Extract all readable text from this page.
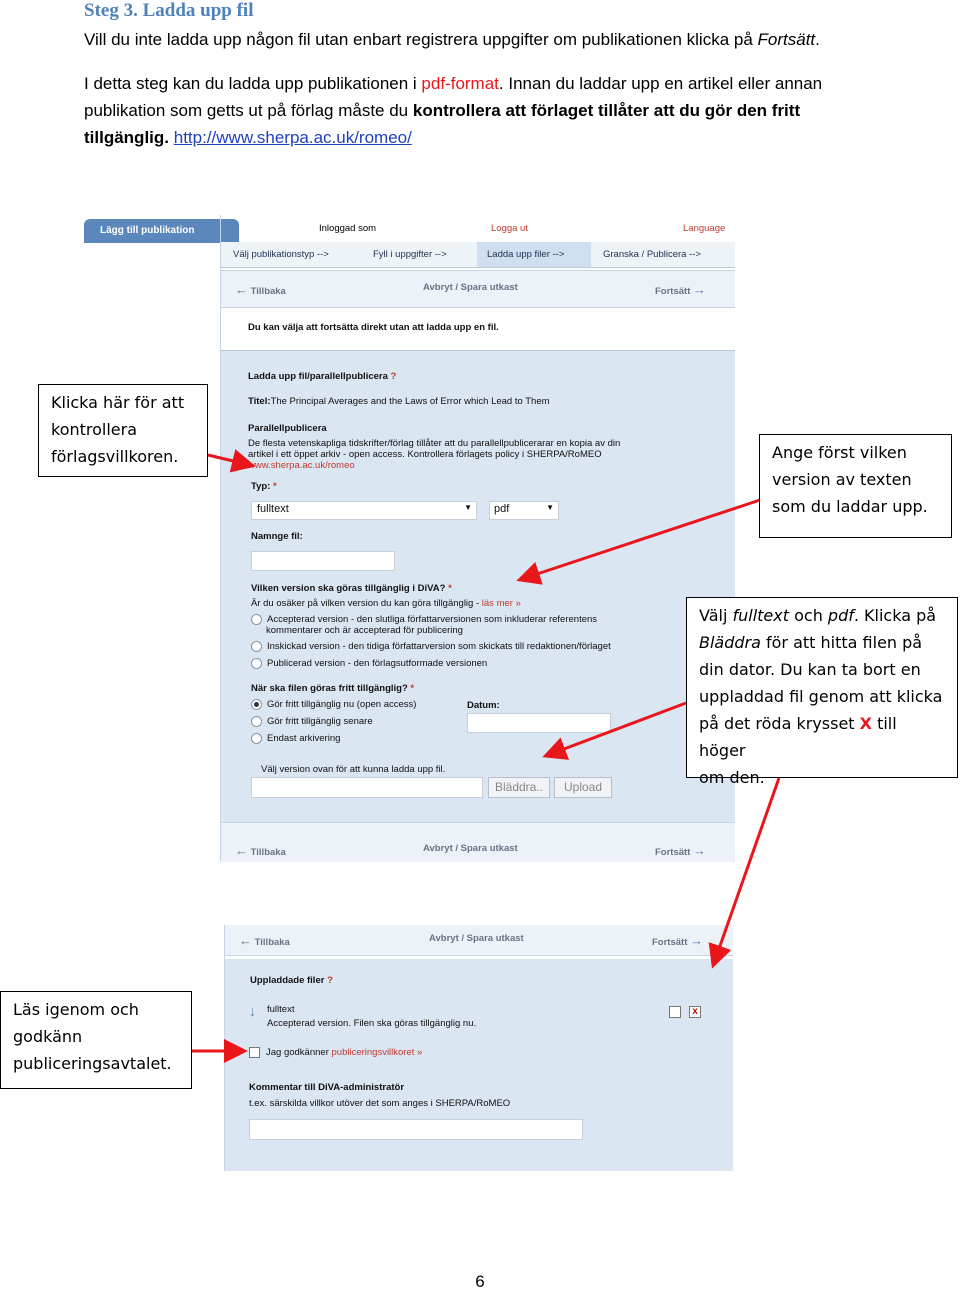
Steg 3. Ladda upp fil
Vill du inte ladda upp någon fil utan enbart registrera uppgifter om publikationen klicka på Fortsätt.
I detta steg kan du ladda upp publikationen i pdf-format. Innan du laddar upp en artikel eller annan
publikation som getts ut på förlag måste du kontrollera att förlaget tillåter att du gör den fritt
tillgänglig. http://www.sherpa.ac.uk/romeo/
Lägg till publikation	Inloggad som	Logga ut	Language
Välj publikationstyp -->	Fyll i uppgifter -->	Ladda upp filer -->	Granska / Publicera -->
← Tillbaka	Avbryt / Spara utkast	Fortsätt →
Du kan välja att fortsätta direkt utan att ladda upp en fil.
Ladda upp fil/parallellpublicera ?
Titel:The Principal Averages and the Laws of Error which Lead to Them
Parallellpublicera
De flesta vetenskapliga tidskrifter/förlag tillåter att du parallellpublicerarar en kopia av din
artikel i ett öppet arkiv - open access. Kontrollera förlagets policy i SHERPA/RoMEO
www.sherpa.ac.uk/romeo
Typ: *
fulltext	▼ pdf	▼
Namnge fil:
Vilken version ska göras tillgänglig i DiVA? *
Är du osäker på vilken version du kan göra tillgänglig - läs mer »
Accepterad version - den slutliga författarversionen som inkluderar referentens
kommentarer och är accepterad för publicering
Inskickad version - den tidiga författarversion som skickats till redaktionen/förlaget
Publicerad version - den förlagsutformade versionen
När ska filen göras fritt tillgänglig? *
Gör fritt tillgänglig nu (open access)
Gör fritt tillgänglig senare
Endast arkivering
Datum:
Välj version ovan för att kunna ladda upp fil.
Bläddra..	Upload
← Tillbaka	Avbryt / Spara utkast	Fortsätt →
← Tillbaka	Avbryt / Spara utkast	Fortsätt →
Uppladdade filer ?
↓ fulltext
Accepterad version. Filen ska göras tillgänglig nu.
x
Jag godkänner publiceringsvillkoret »
Kommentar till DiVA-administratör
t.ex. särskilda villkor utöver det som anges i SHERPA/RoMEO
Klicka här för att
kontrollera
förlagsvillkoren.	Ange först vilken
version av texten
som du laddar upp.
Välj fulltext och pdf. Klicka på
Bläddra för att hitta filen på
din dator. Du kan ta bort en
uppladdad fil genom att klicka
på det röda krysset X till höger
om den.
Läs igenom och
godkänn
publiceringsavtalet.
6
